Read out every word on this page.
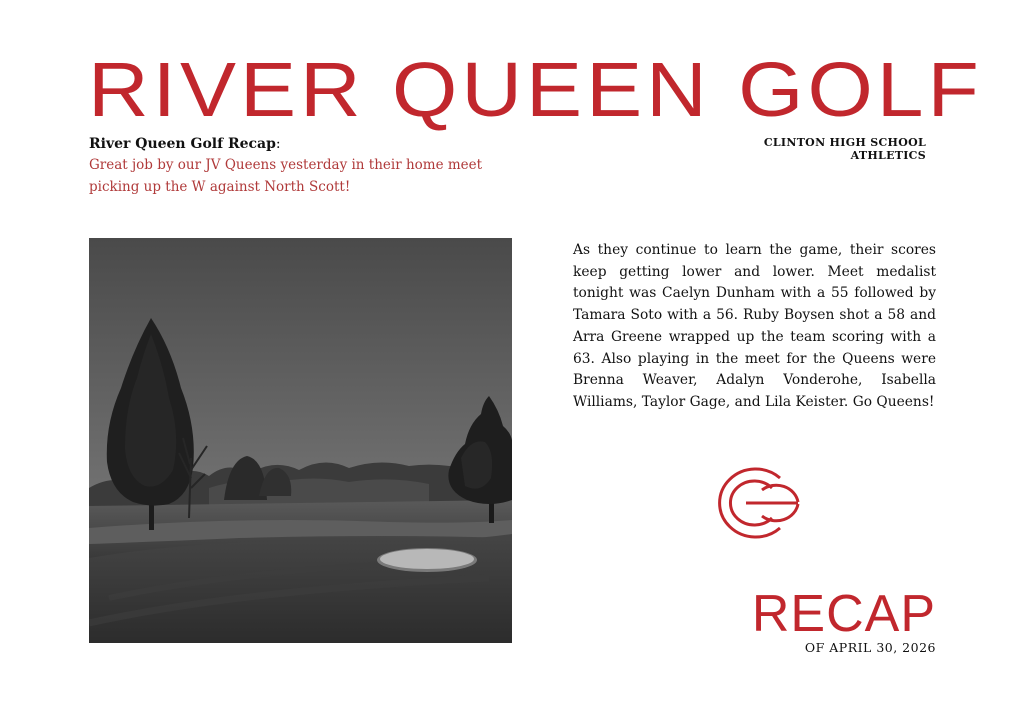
RIVER QUEEN GOLF
River Queen Golf Recap:
Great job by our JV Queens yesterday in their home meet picking up the W against North Scott!
CLINTON HIGH SCHOOL ATHLETICS
As they continue to learn the game, their scores keep getting lower and lower. Meet medalist tonight was Caelyn Dunham with a 55 followed by Tamara Soto with a 56. Ruby Boysen shot a 58 and Arra Greene wrapped up the team scoring with a 63. Also playing in the meet for the Queens were Brenna Weaver, Adalyn Vonderohe, Isabella Williams, Taylor Gage, and Lila Keister. Go Queens!
RECAP
OF APRIL 30, 2026
